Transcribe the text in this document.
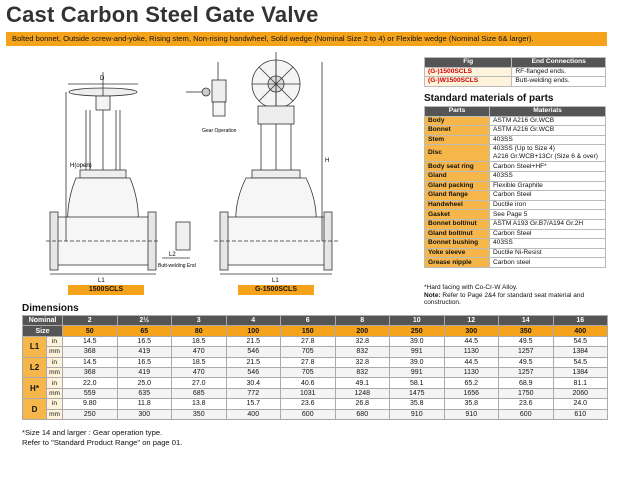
Cast Carbon Steel Gate Valve
Bolted bonnet, Outside screw-and-yoke, Rising stem, Non-rising handwheel, Solid wedge (Nominal Size 2 to 4) or Flexible wedge (Nominal Size 6& larger).
D
H(open)
L1
L2
Butt-welding End
Gear Operation
H
L1
1500SCLS	G-1500SCLS
Fig	End Connections
(G-)1500SCLS	RF-flanged ends.
(G-)W1500SCLS	Butt-welding ends.
Standard materials of parts
Parts	Materials
Body	ASTM A216 Gr.WCB
Bonnet	ASTM A216 Gr.WCB
Stem	403SS
Disc	403SS (Up to Size 4)
A216 Gr.WCB+13Cr (Size 6 & over)
Body seat ring	Carbon Steel+HF*
Gland	403SS
Gland packing	Flexible Graphite
Gland flange	Carbon Steel
Handwheel	Ductile iron
Gasket	See Page 5
Bonnet bolt/nut	ASTM A193 Gr.B7/A194 Gr.2H
Gland bolt/nut	Carbon Steel
Bonnet bushing	403SS
Yoke sleeve	Ductile Ni-Resist
Grease nipple	Carbon steel
*Hard facing with Co-Cr-W Alloy.
Note: Refer to Page 2&4 for standard seat material and construction.
Dimensions
Nominal		2	2½	3	4	6	8	10	12	14	16
Size		50	65	80	100	150	200	250	300	350	400
L1	in	14.5	16.5	18.5	21.5	27.8	32.8	39.0	44.5	49.5	54.5
	mm	368	419	470	546	705	832	991	1130	1257	1384
L2	in	14.5	16.5	18.5	21.5	27.8	32.8	39.0	44.5	49.5	54.5
	mm	368	419	470	546	705	832	991	1130	1257	1384
H*	in	22.0	25.0	27.0	30.4	40.6	49.1	58.1	65.2	68.9	81.1
	mm	559	635	685	772	1031	1248	1475	1656	1750	2060
D	in	9.80	11.8	13.8	15.7	23.6	26.8	35.8	35.8	23.6	24.0
	mm	250	300	350	400	600	680	910	910	600	610
*Size 14 and larger : Gear operation type.
Refer to "Standard Product Range" on page 01.
